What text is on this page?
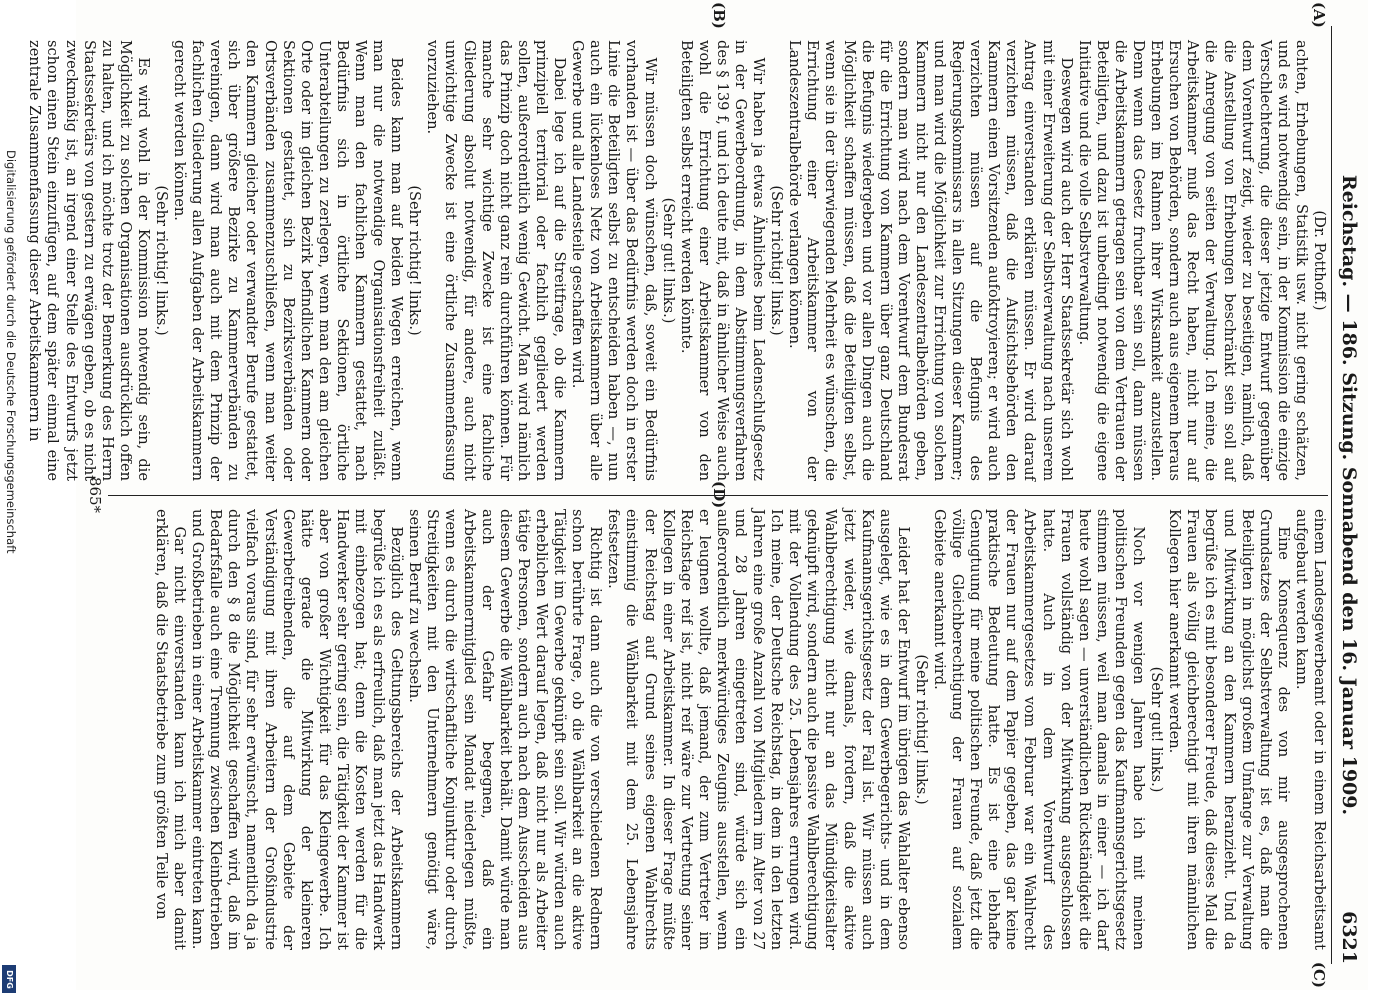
Digitalisierung gefördert durch die Deutsche Forschungsgemeinschaft
DFG
Reichstag. — 186. Sitzung. Sonnabend den 16. Januar 1909.
6321
(A)
(B)
(C)
(D)

(Dr. Potthoff.)

achten, Erhebungen, Statistik usw. nicht gering schätzen, und es wird notwendig sein, in der Kommission die einzige Verschlechterung, die dieser jetzige Entwurf gegenüber dem Vorentwurf zeigt, wieder zu beseitigen, nämlich, daß die Anstellung von Erhebungen beschränkt sein soll auf die Anregung von seiten der Verwaltung. Ich meine, die Arbeitskammer muß das Recht haben, nicht nur auf Ersuchen von Behörden, sondern auch aus eigenem heraus Erhebungen im Rahmen ihrer Wirksamkeit anzustellen. Denn wenn das Gesetz fruchtbar sein soll, dann müssen die Arbeitskammern getragen sein von dem Vertrauen der Beteiligten, und dazu ist unbedingt notwendig die eigene Initiative und die volle Selbstverwaltung.

Deswegen wird auch der Herr Staatssekretär sich wohl mit einer Erweiterung der Selbstverwaltung nach unserem Antrag einverstanden erklären müssen. Er wird darauf verzichten müssen, daß die Aufsichtsbehörden den Kammern einen Vorsitzenden aufoktroyieren; er wird auch verzichten müssen auf die Befugnis des Regierungskommissars in allen Sitzungen dieser Kammer; und man wird die Möglichkeit zur Errichtung von solchen Kammern nicht nur den Landeszentralbehörden geben, sondern man wird nach dem Vorentwurf dem Bundesrat für die Errichtung von Kammern über ganz Deutschland die Befugnis wiedergeben und vor allen Dingen auch die Möglichkeit schaffen müssen, daß die Beteiligten selbst, wenn sie in der überwiegenden Mehrheit es wünschen, die Errichtung einer Arbeitskammer von der Landeszentralbehörde verlangen können.

(Sehr richtig! links.)

Wir haben ja etwas Ähnliches beim Ladenschlußgesetz in der Gewerbeordnung, in dem Abstimmungsverfahren des § 139 f, und ich deute mit, daß in ähnlicher Weise auch wohl die Errichtung einer Arbeitskammer von den Beteiligten selbst erreicht werden könnte.

(Sehr gut! links.)

Wir müssen doch wünschen, daß, soweit ein Bedürfnis vorhanden ist — über das Bedürfnis werden doch in erster Linie die Beteiligten selbst zu entscheiden haben —, nun auch ein lückenloses Netz von Arbeitskammern über alle Gewerbe und alle Landesteile geschaffen wird.

Dabei lege ich auf die Streitfrage, ob die Kammern prinzipiell territorial oder fachlich gegliedert werden sollen, außerordentlich wenig Gewicht. Man wird nämlich das Prinzip doch nicht ganz rein durchführen können. Für manche sehr wichtige Zwecke ist eine fachliche Gliederung absolut notwendig, für andere, auch nicht unwichtige Zwecke ist eine örtliche Zusammenfassung vorzuziehen.

(Sehr richtig! links.)

Beides kann man auf beiden Wegen erreichen, wenn man nur die notwendige Organisationsfreiheit zuläßt. Wenn man den fachlichen Kammern gestattet, nach Bedürfnis sich in örtliche Sektionen, örtliche Unterabteilungen zu zerlegen, wenn man den am gleichen Orte oder im gleichen Bezirk befindlichen Kammern oder Sektionen gestattet, sich zu Bezirksverbänden oder Ortsverbänden zusammenzuschließen, wenn man weiter den Kammern gleicher oder verwandter Berufe gestattet, sich über größere Bezirke zu Kammerverbänden zu vereinigen, dann wird man auch mit dem Prinzip der fachlichen Gliederung allen Aufgaben der Arbeitskammern gerecht werden können.

(Sehr richtig! links.)

Es wird wohl in der Kommission notwendig sein, die Möglichkeit zu solchen Organisationen ausdrücklich offen zu halten, und ich möchte trotz der Bemerkung des Herrn Staatssekretärs von gestern zu erwägen geben, ob es nicht zweckmäßig ist, an irgend einer Stelle des Entwurfs jetzt schon einen Stein einzufügen, auf dem später einmal eine zentrale Zusammenfassung dieser Arbeitskammern in

einem Landesgewerbeamt oder in einem Reichsarbeitsamt aufgebaut werden kann.

Eine Konsequenz des von mir ausgesprochenen Grundsatzes der Selbstverwaltung ist es, daß man die Beteiligten in möglichst großem Umfange zur Verwaltung und Mitwirkung an den Kammern heranzieht. Und da begrüße ich es mit besonderer Freude, daß dieses Mal die Frauen als völlig gleichberechtigt mit ihren männlichen Kollegen hier anerkannt werden.

(Sehr gut! links.)

Noch vor wenigen Jahren habe ich mit meinen politischen Freunden gegen das Kaufmannsgerichtsgesetz stimmen müssen, weil man damals in einer — ich darf heute wohl sagen — unverständlichen Rückständigkeit die Frauen vollständig von der Mitwirkung ausgeschlossen hatte. Auch in dem Vorentwurf des Arbeitskammergesetzes vom Februar war ein Wahlrecht der Frauen nur auf dem Papier gegeben, das gar keine praktische Bedeutung hatte. Es ist eine lebhafte Genugtuung für meine politischen Freunde, daß jetzt die völlige Gleichberechtigung der Frauen auf sozialem Gebiete anerkannt wird.

(Sehr richtig! links.)

Leider hat der Entwurf im übrigen das Wahlalter ebenso ausgelegt, wie es in dem Gewerbegerichts- und in dem Kaufmannsgerichtsgesetz der Fall ist. Wir müssen auch jetzt wieder, wie damals, fordern, daß die aktive Wahlberechtigung nicht nur an das Mündigkeitsalter geknüpft wird, sondern auch die passive Wahlberechtigung mit der Vollendung des 25. Lebensjahres errungen wird. Ich meine, der Deutsche Reichstag, in dem in den letzten Jahren eine große Anzahl von Mitgliedern im Alter von 27 und 28 Jahren eingetreten sind, würde sich ein außerordentlich merkwürdiges Zeugnis ausstellen, wenn er leugnen wollte, daß jemand, der zum Vertreter im Reichstage reif ist, nicht reif wäre zur Vertretung seiner Kollegen in einer Arbeitskammer. In dieser Frage müßte der Reichstag auf Grund seines eigenen Wahlrechts einstimmig die Wählbarkeit mit dem 25. Lebensjahre festsetzen.

Richtig ist dann auch die von verschiedenen Rednern schon berührte Frage, ob die Wählbarkeit an die aktive Tätigkeit im Gewerbe geknüpft sein soll. Wir würden auch erheblichen Wert darauf legen, daß nicht nur als Arbeiter tätige Personen, sondern auch nach dem Ausscheiden aus diesem Gewerbe die Wählbarkeit behält. Damit würde man auch der Gefahr begegnen, daß ein Arbeitskammermitglied sein Mandat niederlegen müßte, wenn es durch die wirtschaftliche Konjunktur oder durch Streitigkeiten mit den Unternehmern genötigt wäre, seinen Beruf zu wechseln.

Bezüglich des Geltungsbereichs der Arbeitskammern begrüße ich es als erfreulich, daß man jetzt das Handwerk mit einbezogen hat; denn die Kosten werden für die Handwerker sehr gering sein, die Tätigkeit der Kammer ist aber von großer Wichtigkeit für das Kleingewerbe. Ich hätte gerade die Mitwirkung der kleineren Gewerbetreibenden, die auf dem Gebiete der Verständigung mit ihren Arbeitern der Großindustrie vielfach voraus sind, für sehr erwünscht, namentlich da ja durch den § 8 die Möglichkeit geschaffen wird, daß im Bedarfsfalle auch eine Trennung zwischen Kleinbetrieben und Großbetrieben in einer Arbeitskammer eintreten kann.

Gar nicht einverstanden kann ich mich aber damit erklären, daß die Staatsbetriebe zum größten Teile von

865*
